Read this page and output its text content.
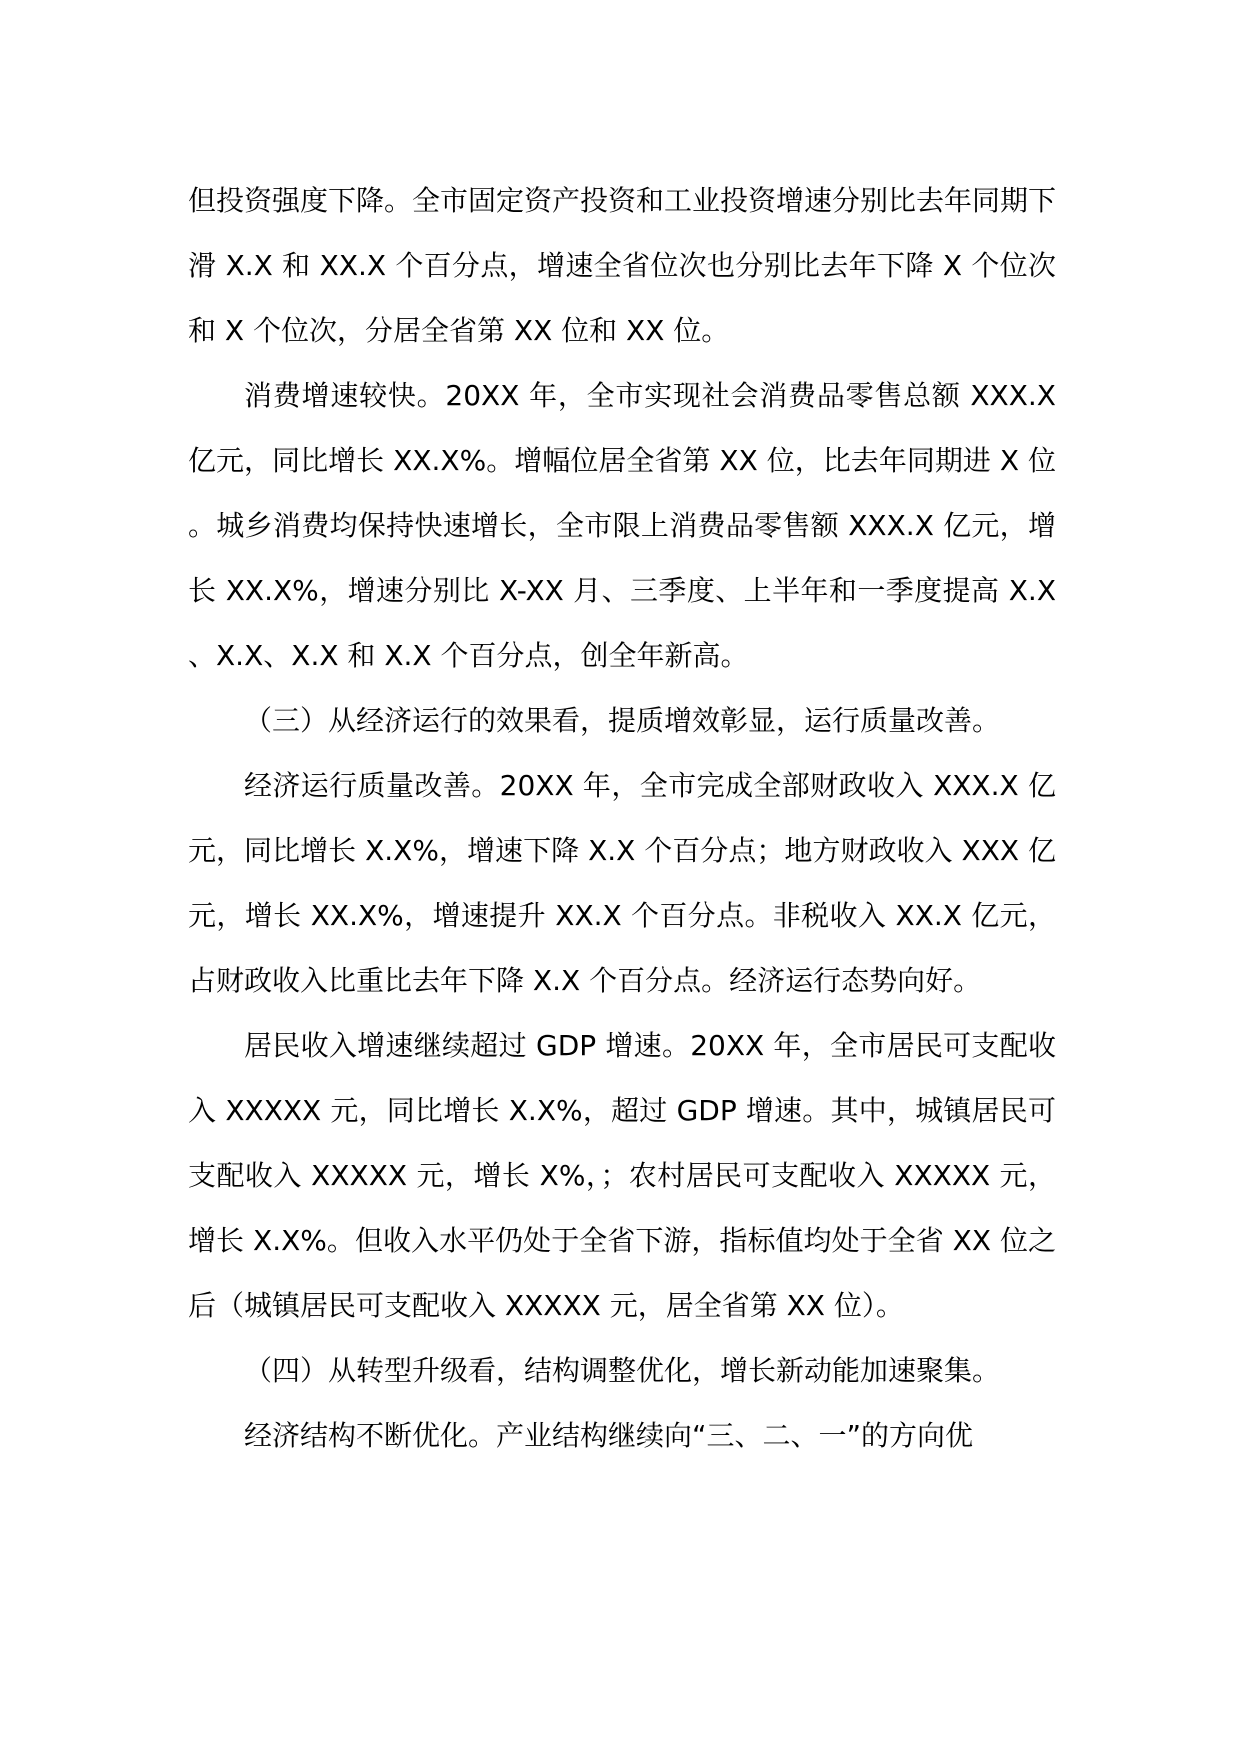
但投资强度下降。全市固定资产投资和工业投资增速分别比去年同期下滑 X.X 和 XX.X 个百分点，增速全省位次也分别比去年下降 X 个位次和 X 个位次，分居全省第 XX 位和 XX 位。

消费增速较快。20XX 年，全市实现社会消费品零售总额 XXX.X 亿元，同比增长 XX.X%。增幅位居全省第 XX 位，比去年同期进 X 位。城乡消费均保持快速增长，全市限上消费品零售额 XXX.X 亿元，增长 XX.X%，增速分别比 X-XX 月、三季度、上半年和一季度提高 X.X、X.X、X.X 和 X.X 个百分点，创全年新高。

（三）从经济运行的效果看，提质增效彰显，运行质量改善。

经济运行质量改善。20XX 年，全市完成全部财政收入 XXX.X 亿元，同比增长 X.X%，增速下降 X.X 个百分点；地方财政收入 XXX 亿元，增长 XX.X%，增速提升 XX.X 个百分点。非税收入 XX.X 亿元，占财政收入比重比去年下降 X.X 个百分点。经济运行态势向好。

居民收入增速继续超过 GDP 增速。20XX 年，全市居民可支配收入 XXXXX 元，同比增长 X.X%，超过 GDP 增速。其中，城镇居民可支配收入 XXXXX 元，增长 X%，；农村居民可支配收入 XXXXX 元，增长 X.X%。但收入水平仍处于全省下游，指标值均处于全省 XX 位之后（城镇居民可支配收入 XXXXX 元，居全省第 XX 位）。

（四）从转型升级看，结构调整优化，增长新动能加速聚集。

经济结构不断优化。产业结构继续向“三、二、一”的方向优
